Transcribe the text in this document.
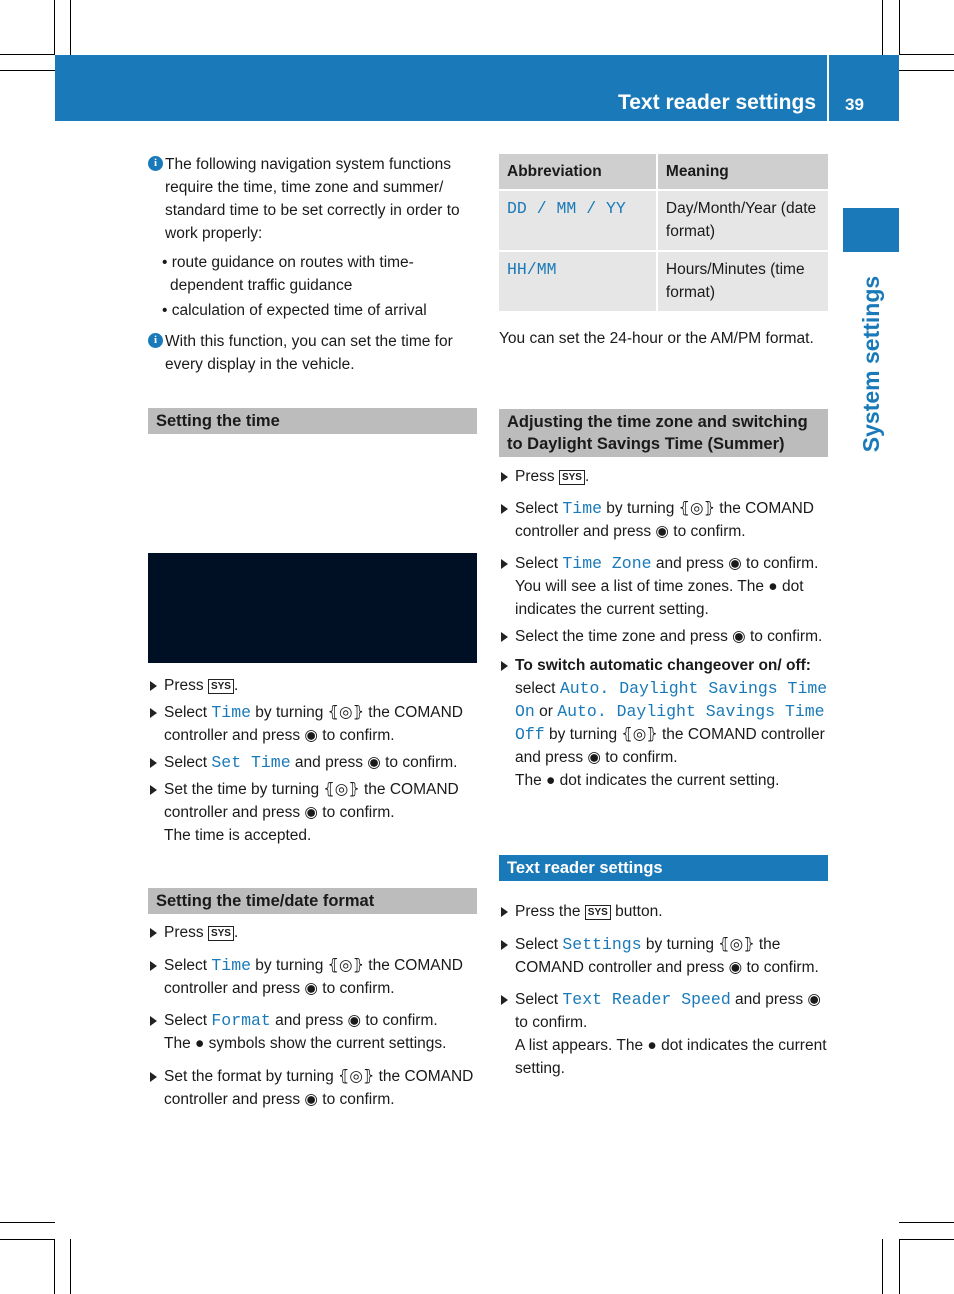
Text reader settings 39
System settings
i The following navigation system functions require the time, time zone and summer/ standard time to be set correctly in order to work properly:

• route guidance on routes with time-dependent traffic guidance
• calculation of expected time of arrival
i With this function, you can set the time for every display in the vehicle.

Setting the time
Press SYS .
Select Time by turning ⦃◎⦄ the COMAND controller and press ◉ to confirm.
Select Set Time and press ◉ to confirm.
Set the time by turning ⦃◎⦄ the COMAND controller and press ◉ to confirm.
The time is accepted.
Setting the time/date format
Press SYS .
Select Time by turning ⦃◎⦄ the COMAND controller and press ◉ to confirm.
Select Format and press ◉ to confirm.
The ● symbols show the current settings.
Set the format by turning ⦃◎⦄ the COMAND controller and press ◉ to confirm.
Abbreviation	Meaning
DD / MM / YY	Day/Month/Year (date format)
HH/MM	Hours/Minutes (time format)

You can set the 24-hour or the AM/PM format.

Adjusting the time zone and switching to Daylight Savings Time (Summer)
Press SYS .
Select Time by turning ⦃◎⦄ the COMAND controller and press ◉ to confirm.
Select Time Zone and press ◉ to confirm.
You will see a list of time zones. The ● dot indicates the current setting.
Select the time zone and press ◉ to confirm.
To switch automatic changeover on/ off: select Auto. Daylight Savings Time On or Auto. Daylight Savings Time Off by turning ⦃◎⦄ the COMAND controller and press ◉ to confirm.
The ● dot indicates the current setting.
Text reader settings
Press the SYS button.
Select Settings by turning ⦃◎⦄ the COMAND controller and press ◉ to confirm.
Select Text Reader Speed and press ◉ to confirm.
A list appears. The ● dot indicates the current setting.
